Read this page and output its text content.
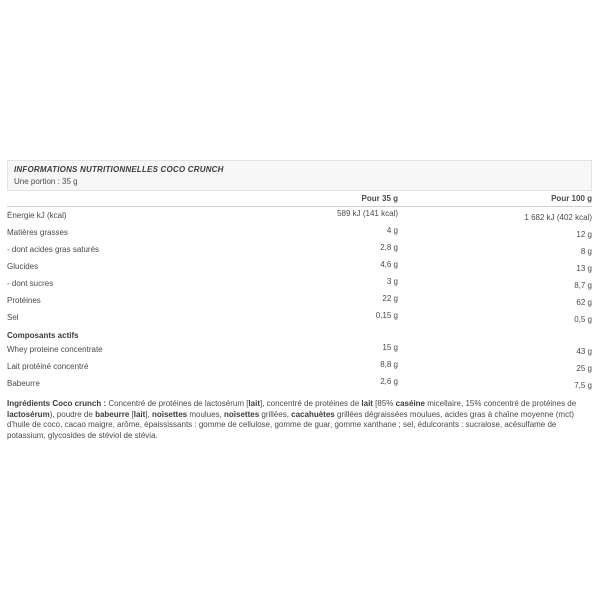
INFORMATIONS NUTRITIONNELLES COCO CRUNCH
Une portion : 35 g
Pour 35 g	Pour 100 g
Énergie kJ (kcal)	589 kJ (141 kcal)	1 682 kJ (402 kcal)
Matières grasses	4 g	12 g
- dont acides gras saturés	2,8 g	8 g
Glucides	4,6 g	13 g
- dont sucres	3 g	8,7 g
Protéines	22 g	62 g
Sel	0,15 g	0,5 g
Composants actifs
Whey proteine concentrate	15 g	43 g
Lait protéiné concentré	8,8 g	25 g
Babeurre	2,6 g	7,5 g

Ingrédients Coco crunch : Concentré de protéines de lactosérum [lait], concentré de protéines de lait [85% caséine micellaire, 15% concentré de protéines de lactosérum), poudre de babeurre [lait], noisettes moulues, noisettes grillées, cacahuètes grillées dégraissées moulues, acides gras à chaîne moyenne (mct) d'huile de coco, cacao maigre, arôme, épaississants : gomme de cellulose, gomme de guar, gomme xanthane ; sel, édulcorants : sucralose, acésulfame de potassium, glycosides de stéviol de stévia.
